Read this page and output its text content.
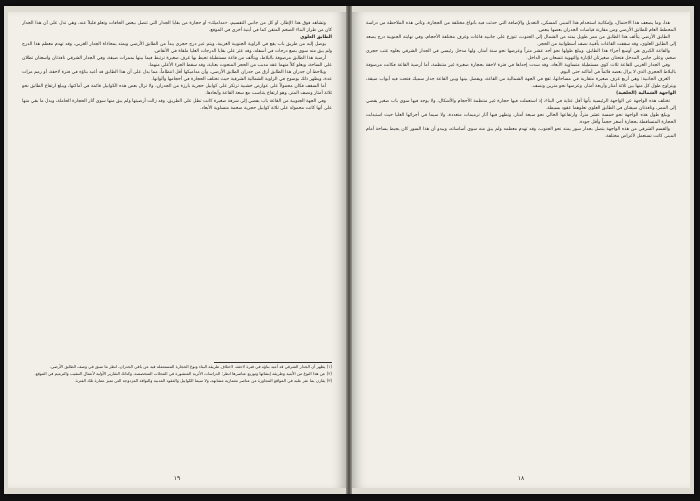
وتشاهد فوق هذا الإطار، أو كل من جانبي التقسيم، «مداميك» أو حجارة من بقايا الجدار التي تتصل ببعض الحافات وتعلو قليلاً عنه، وهي تدل على أن هذا الجدار كان من طراز البناء الضخم المتقن كما في أبنية أخرى في الموقع.

الطابق العلوي

يوصل إليه من طريق باب يقع في الزاوية الجنوبية الغربية، ويتم عبر درج حجري يبدأ من الطابق الأرضي ويمتد بمحاذاة الجدار الغربي، وقد تهدم معظم هذا الدرج ولم يبق منه سوى بضع درجات في أسفله، وقد عثر على بقايا الدرجات العليا ملقاة في الأنقاض.

أرضية هذا الطابق مرصوفة بالبلاط، ويتألف من قاعة مستطيلة تحيط بها غرف صغيرة ترتبط فيما بينها بممرات ضيقة، وفي الجدار الشرقي نافذتان واسعتان تطلان على الساحة، ويعلو كلاً منهما عقد مدبب من الحجر المنحوت بعناية، وقد سقط الجزء الأعلى منهما.

ويلاحظ أن جدران هذا الطابق أرق من جدران الطابق الأرضي، وأن مداميكها أقل انتظاماً، مما يدل على أن هذا الطابق قد أعيد بناؤه في فترة لاحقة، أو رمم مرات عدة، ويظهر ذلك بوضوح في الزاوية الشمالية الشرقية حيث تختلف الحجارة في أحجامها وألوانها.

أما السقف فكان محمولاً على عوارض خشبية ترتكز على كوابيل حجرية بارزة من الجدران، ولا تزال بعض هذه الكوابيل قائمة في أماكنها، ويبلغ ارتفاع الطابق نحو ثلاثة أمتار ونصف المتر، وهو ارتفاع يتناسب مع سعة القاعة وأبعادها.

وفي الجهة الجنوبية من القاعة باب يفضي إلى شرفة صغيرة كانت تطل على الطريق، وقد زالت أرضيتها ولم يبق منها سوى آثار الحجارة الحاملة، ويدل ما بقي منها على أنها كانت محمولة على ثلاثة كوابيل حجرية ضخمة متساوية الأبعاد.

(١) يظهر أن الجدار الشرقي قد أعيد بناؤه في فترة لاحقة، لاختلاف طريقة البناء ونوع الحجارة المستعملة فيه عن باقي الجدران، انظر ما سبق في وصف الطابق الأرضي.

(٢) عن هذا النوع من الأبنية وطريقة إنشائها وتوزيع عناصرها انظر: الدراسات الأثرية المنشورة في المجلات المتخصصة، وكذلك التقارير الأولية لأعمال التنقيب والترميم في الموقع.

(٣) يقارن بما عثر عليه في المواقع المجاورة من عناصر معمارية مشابهة، ولا سيما الكوابيل والعقود المدببة والنوافذ المزدوجة التي تميز عمارة تلك الفترة.

١٩

هذا، وما يضعف هذا الاحتمال، وإمكانية استخدام هذا المبنى كمسكن، التعديل والإضافة التي حدثت فيه بأنواع مختلفة من الحجارة، وتأتي هذه الملاحظة من دراسة المخطط العام للطابق الأرضي ومن مقارنة قياسات الجدران بعضها ببعض.

الطابق الأرضي يتألف هذا الطابق من ممر طويل يمتد من الشمال إلى الجنوب، تتوزع على جانبيه قاعات وغرف مختلفة الأحجام، وفي نهايته الجنوبية درج يصعد إلى الطابق العلوي، وقد سقفت القاعات بأقبية نصف أسطوانية من الحجر.

والقاعة الكبرى هي أوسع أجزاء هذا الطابق، ويبلغ طولها نحو أحد عشر متراً وعرضها نحو ستة أمتار، ولها مدخل رئيسي في الجدار الشرقي يعلوه عتب حجري ضخم، وعلى جانبي المدخل فتحتان صغيرتان للإنارة والتهوية تتسعان من الداخل.

وفي الجدار الغربي للقاعة ثلاث كوى مستطيلة متساوية الأبعاد، وقد سدت إحداها في فترة لاحقة بحجارة صغيرة غير منتظمة، أما أرضية القاعة فكانت مرصوفة بالبلاط الحجري الذي لا يزال بعضه قائماً في أماكنه حتى اليوم.

الغرف الجانبية: وهي أربع غرف صغيرة متقاربة في مساحاتها، تقع في الجهة الشمالية من القاعة، ويفصل بينها وبين القاعة جدار سميك فتحت فيه أبواب ضيقة، ويتراوح طول كل منها بين ثلاثة أمتار وأربعة أمتار، وعرضها نحو مترين ونصف.

الواجهة الشمالية (الخلفية)

تختلف هذه الواجهة عن الواجهة الرئيسية بأنها أقل عناية في البناء، إذ استعملت فيها حجارة غير منتظمة الأحجام والأشكال، ولا يوجد فيها سوى باب صغير يفضي إلى الممر، ونافذتان ضيقتان في الطابق العلوي تعلوهما عقود بسيطة.

ويبلغ طول هذه الواجهة نحو خمسة عشر متراً، وارتفاعها الحالي نحو سبعة أمتار، وتظهر فيها آثار ترميمات متعددة، ولا سيما في أجزائها العليا حيث استبدلت الحجارة المتساقطة بحجارة أصغر حجماً وأقل جودة.

والقسم الشرقي من هذه الواجهة يتصل بجدار سور يمتد نحو الجنوب، وقد تهدم معظمه ولم يبق منه سوى أساساته، ويبدو أن هذا السور كان يحيط بساحة أمام المبنى كانت تستعمل لأغراض مختلفة.

١٨
